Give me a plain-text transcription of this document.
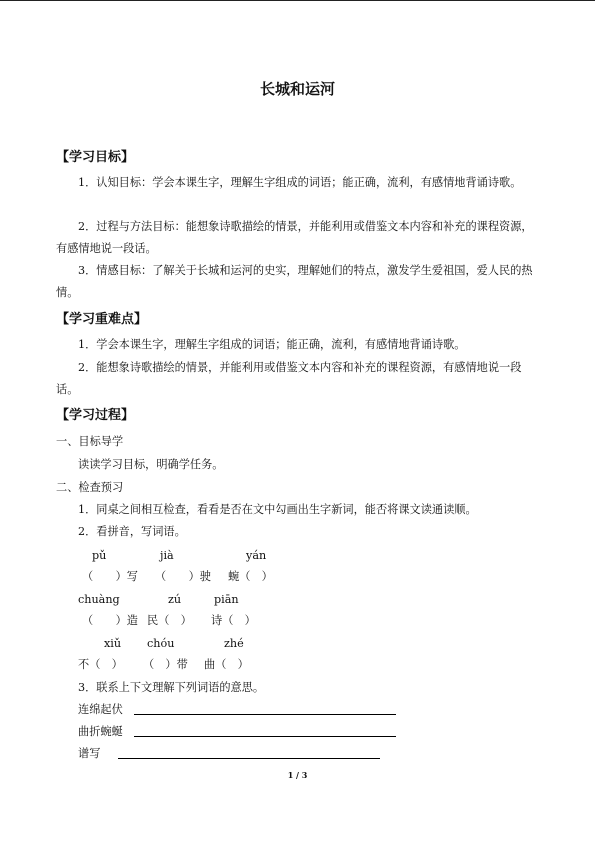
长城和运河
【学习目标】
1．认知目标：学会本课生字，理解生字组成的词语；能正确，流利，有感情地背诵诗歌。
2．过程与方法目标：能想象诗歌描绘的情景，并能利用或借鉴文本内容和补充的课程资源，有感情地说一段话。
3．情感目标：了解关于长城和运河的史实，理解她们的特点，激发学生爱祖国，爱人民的热情。
【学习重难点】
1．学会本课生字，理解生字组成的词语；能正确，流利，有感情地背诵诗歌。
2．能想象诗歌描绘的情景，并能利用或借鉴文本内容和补充的课程资源，有感情地说一段话。
【学习过程】
一、目标导学
读读学习目标，明确学任务。
二、检查预习
1．同桌之间相互检查，看看是否在文中勾画出生字新词，能否将课文读通读顺。
2．看拼音，写词语。
pǔ	jià	yán
（　　）写 （　　）驶 蜿（　）
chuàng	zú	piān
（　　）造 民（　） 诗（　）
xiǔ chóu	zhé
不（　） （　）带 曲（　）
3．联系上下文理解下列词语的意思。
连绵起伏
曲折蜿蜒
谱写
1 / 3
